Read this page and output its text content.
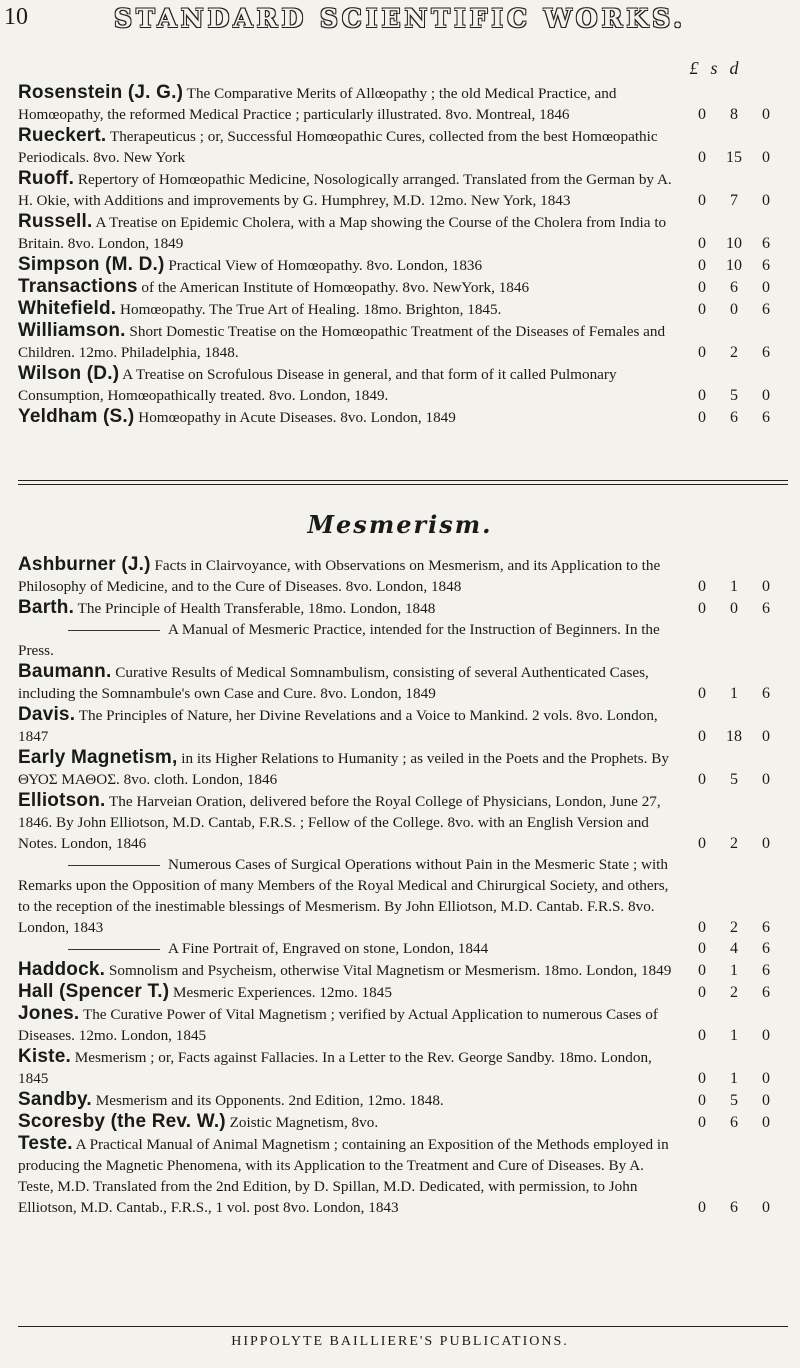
10	STANDARD SCIENTIFIC WORKS.
£ s d

Rosenstein (J. G.) The Comparative Merits of Allœopathy ; the old Medical Practice, and Homœopathy, the reformed Medical Practice ; particularly illustrated. 8vo. Montreal, 1846	0	8	0

Rueckert. Therapeuticus ; or, Successful Homœopathic Cures, collected from the best Homœopathic Periodicals. 8vo. New York	0	15	0

Ruoff. Repertory of Homœopathic Medicine, Nosologically arranged. Translated from the German by A. H. Okie, with Additions and improvements by G. Humphrey, M.D. 12mo. New York, 1843	0	7	0

Russell. A Treatise on Epidemic Cholera, with a Map showing the Course of the Cholera from India to Britain. 8vo. London, 1849	0	10	6

Simpson (M. D.) Practical View of Homœopathy. 8vo. London, 1836	0	10	6

Transactions of the American Institute of Homœopathy. 8vo. NewYork, 1846	0	6	0

Whitefield. Homœopathy. The True Art of Healing. 18mo. Brighton, 1845.	0	0	6

Williamson. Short Domestic Treatise on the Homœopathic Treatment of the Diseases of Females and Children. 12mo. Philadelphia, 1848.	0	2	6

Wilson (D.) A Treatise on Scrofulous Disease in general, and that form of it called Pulmonary Consumption, Homœopathically treated. 8vo. London, 1849.	0	5	0

Yeldham (S.) Homœopathy in Acute Diseases. 8vo. London, 1849	0	6	6

Mesmerism.

Ashburner (J.) Facts in Clairvoyance, with Observations on Mesmerism, and its Application to the Philosophy of Medicine, and to the Cure of Diseases. 8vo. London, 1848	0	1	0

Barth. The Principle of Health Transferable, 18mo. London, 1848	0	0	6

A Manual of Mesmeric Practice, intended for the Instruction of Beginners. In the Press.

Baumann. Curative Results of Medical Somnambulism, consisting of several Authenticated Cases, including the Somnambule's own Case and Cure. 8vo. London, 1849	0	1	6

Davis. The Principles of Nature, her Divine Revelations and a Voice to Mankind. 2 vols. 8vo. London, 1847	0	18	0

Early Magnetism, in its Higher Relations to Humanity ; as veiled in the Poets and the Prophets. By ΘΥΟΣ ΜΑΘΟΣ. 8vo. cloth. London, 1846	0	5	0

Elliotson. The Harveian Oration, delivered before the Royal College of Physicians, London, June 27, 1846. By John Elliotson, M.D. Cantab, F.R.S. ; Fellow of the College. 8vo. with an English Version and Notes. London, 1846	0	2	0

Numerous Cases of Surgical Operations without Pain in the Mesmeric State ; with Remarks upon the Opposition of many Members of the Royal Medical and Chirurgical Society, and others, to the reception of the inestimable blessings of Mesmerism. By John Elliotson, M.D. Cantab. F.R.S. 8vo. London, 1843	0	2	6

A Fine Portrait of, Engraved on stone, London, 1844	0	4	6

Haddock. Somnolism and Psycheism, otherwise Vital Magnetism or Mesmerism. 18mo. London, 1849	0	1	6

Hall (Spencer T.) Mesmeric Experiences. 12mo. 1845	0	2	6

Jones. The Curative Power of Vital Magnetism ; verified by Actual Application to numerous Cases of Diseases. 12mo. London, 1845	0	1	0

Kiste. Mesmerism ; or, Facts against Fallacies. In a Letter to the Rev. George Sandby. 18mo. London, 1845	0	1	0

Sandby. Mesmerism and its Opponents. 2nd Edition, 12mo. 1848.	0	5	0

Scoresby (the Rev. W.) Zoistic Magnetism, 8vo.	0	6	0

Teste. A Practical Manual of Animal Magnetism ; containing an Exposition of the Methods employed in producing the Magnetic Phenomena, with its Application to the Treatment and Cure of Diseases. By A. Teste, M.D. Translated from the 2nd Edition, by D. Spillan, M.D. Dedicated, with permission, to John Elliotson, M.D. Cantab., F.R.S., 1 vol. post 8vo. London, 1843	0	6	0

HIPPOLYTE BAILLIERE'S PUBLICATIONS.
